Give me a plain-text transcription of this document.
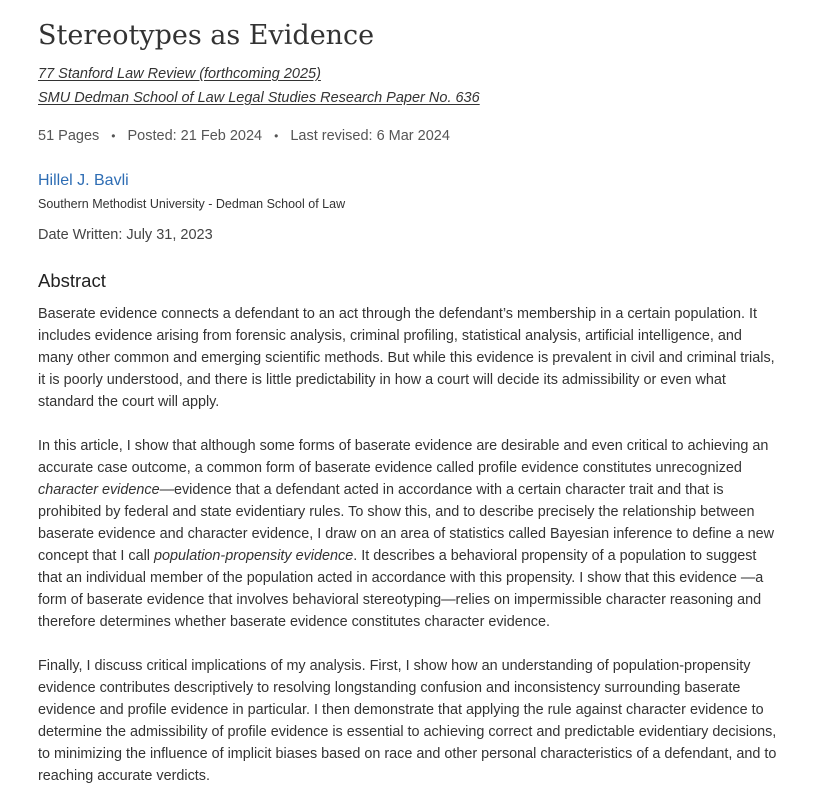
Stereotypes as Evidence
77 Stanford Law Review (forthcoming 2025)
SMU Dedman School of Law Legal Studies Research Paper No. 636
51 Pages • Posted: 21 Feb 2024 • Last revised: 6 Mar 2024
Hillel J. Bavli
Southern Methodist University - Dedman School of Law
Date Written: July 31, 2023
Abstract

Baserate evidence connects a defendant to an act through the defendant’s membership in a certain population. It includes evidence arising from forensic analysis, criminal profiling, statistical analysis, artificial intelligence, and many other common and emerging scientific methods. But while this evidence is prevalent in civil and criminal trials, it is poorly understood, and there is little predictability in how a court will decide its admissibility or even what standard the court will apply.

In this article, I show that although some forms of baserate evidence are desirable and even critical to achieving an accurate case outcome, a common form of baserate evidence called profile evidence constitutes unrecognized character evidence—evidence that a defendant acted in accordance with a certain character trait and that is prohibited by federal and state evidentiary rules. To show this, and to describe precisely the relationship between baserate evidence and character evidence, I draw on an area of statistics called Bayesian inference to define a new concept that I call population-propensity evidence. It describes a behavioral propensity of a population to suggest that an individual member of the population acted in accordance with this propensity. I show that this evidence —a form of baserate evidence that involves behavioral stereotyping—relies on impermissible character reasoning and therefore determines whether baserate evidence constitutes character evidence.

Finally, I discuss critical implications of my analysis. First, I show how an understanding of population-propensity evidence contributes descriptively to resolving longstanding confusion and inconsistency surrounding baserate evidence and profile evidence in particular. I then demonstrate that applying the rule against character evidence to determine the admissibility of profile evidence is essential to achieving correct and predictable evidentiary decisions, to minimizing the influence of implicit biases based on race and other personal characteristics of a defendant, and to reaching accurate verdicts.
